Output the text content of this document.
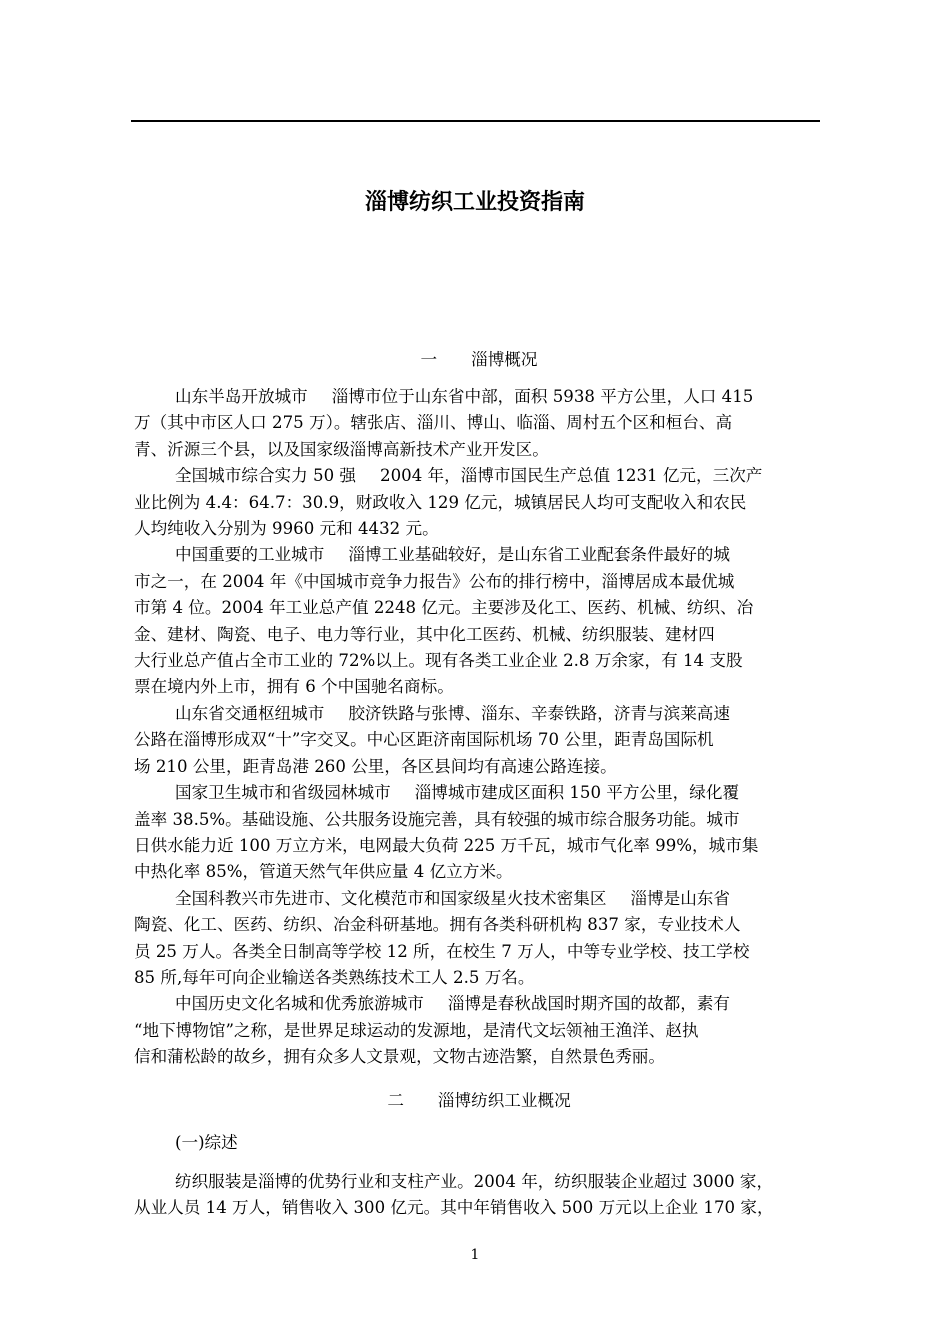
淄博纺织工业投资指南
一 淄博概况
山东半岛开放城市 淄博市位于山东省中部，面积 5938 平方公里，人口 415
万（其中市区人口 275 万）。辖张店、淄川、博山、临淄、周村五个区和桓台、高
青、沂源三个县，以及国家级淄博高新技术产业开发区。
全国城市综合实力 50 强 2004 年，淄博市国民生产总值 1231 亿元，三次产
业比例为 4.4：64.7：30.9，财政收入 129 亿元，城镇居民人均可支配收入和农民
人均纯收入分别为 9960 元和 4432 元。
中国重要的工业城市 淄博工业基础较好，是山东省工业配套条件最好的城
市之一，在 2004 年《中国城市竞争力报告》公布的排行榜中，淄博居成本最优城
市第 4 位。2004 年工业总产值 2248 亿元。主要涉及化工、医药、机械、纺织、冶
金、建材、陶瓷、电子、电力等行业，其中化工医药、机械、纺织服装、建材四
大行业总产值占全市工业的 72%以上。现有各类工业企业 2.8 万余家，有 14 支股
票在境内外上市，拥有 6 个中国驰名商标。
山东省交通枢纽城市 胶济铁路与张博、淄东、辛泰铁路，济青与滨莱高速
公路在淄博形成双“十”字交叉。中心区距济南国际机场 70 公里，距青岛国际机
场 210 公里，距青岛港 260 公里，各区县间均有高速公路连接。
国家卫生城市和省级园林城市 淄博城市建成区面积 150 平方公里，绿化覆
盖率 38.5%。基础设施、公共服务设施完善，具有较强的城市综合服务功能。城市
日供水能力近 100 万立方米，电网最大负荷 225 万千瓦，城市气化率 99%，城市集
中热化率 85%，管道天然气年供应量 4 亿立方米。
全国科教兴市先进市、文化模范市和国家级星火技术密集区 淄博是山东省
陶瓷、化工、医药、纺织、冶金科研基地。拥有各类科研机构 837 家，专业技术人
员 25 万人。各类全日制高等学校 12 所，在校生 7 万人，中等专业学校、技工学校
85 所,每年可向企业输送各类熟练技术工人 2.5 万名。
中国历史文化名城和优秀旅游城市 淄博是春秋战国时期齐国的故都，素有
“地下博物馆”之称，是世界足球运动的发源地，是清代文坛领袖王渔洋、赵执
信和蒲松龄的故乡，拥有众多人文景观，文物古迹浩繁，自然景色秀丽。
二 淄博纺织工业概况
(一)综述
纺织服装是淄博的优势行业和支柱产业。2004 年，纺织服装企业超过 3000 家，
从业人员 14 万人，销售收入 300 亿元。其中年销售收入 500 万元以上企业 170 家，
1
